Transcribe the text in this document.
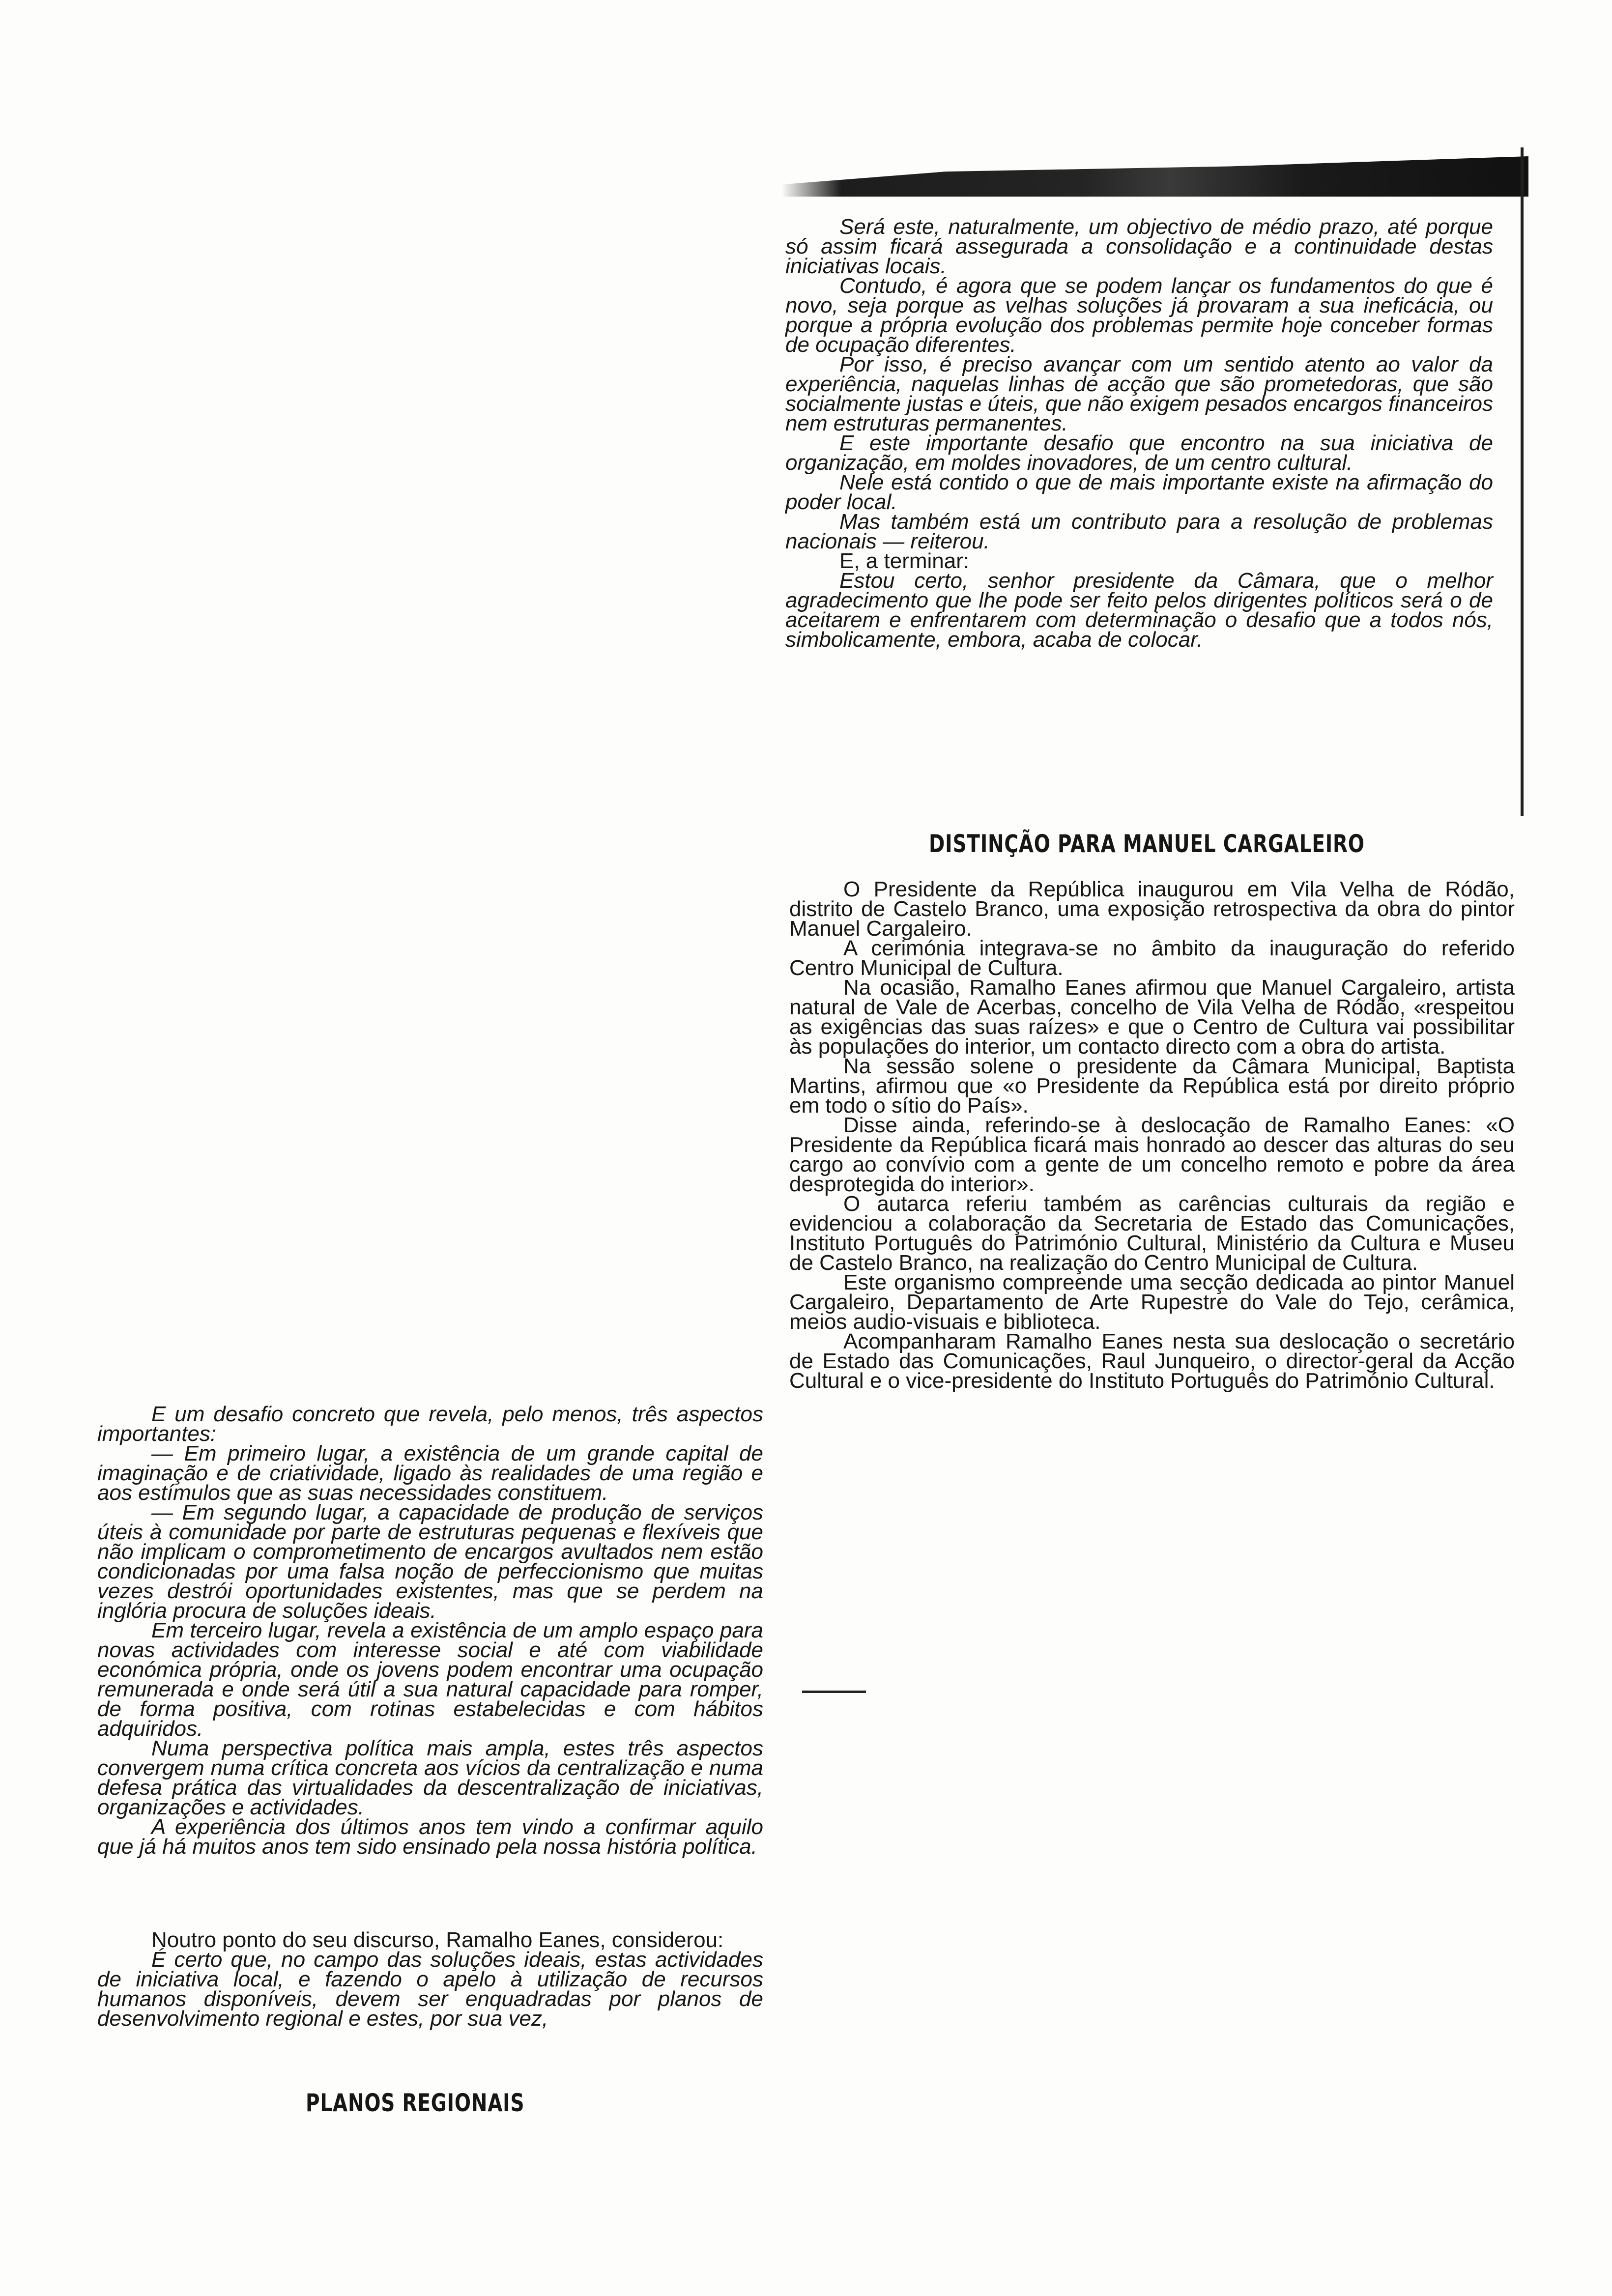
Será este, naturalmente, um objectivo de médio prazo, até porque só assim ficará assegurada a consolidação e a continuidade destas iniciativas locais.

Contudo, é agora que se podem lançar os fundamentos do que é novo, seja porque as velhas soluções já provaram a sua ineficácia, ou porque a própria evolução dos problemas permite hoje conceber formas de ocupação diferentes.

Por isso, é preciso avançar com um sentido atento ao valor da experiência, naquelas linhas de acção que são prometedoras, que são socialmente justas e úteis, que não exigem pesados encargos financeiros nem estruturas permanentes.

E este importante desafio que encontro na sua iniciativa de organização, em moldes inovadores, de um centro cultural.

Nele está contido o que de mais importante existe na afirmação do poder local.

Mas também está um contributo para a resolução de problemas nacionais — reiterou.

E, a terminar:

Estou certo, senhor presidente da Câmara, que o melhor agradecimento que lhe pode ser feito pelos dirigentes políticos será o de aceitarem e enfrentarem com determinação o desafio que a todos nós, simbolicamente, embora, acaba de colocar.

DISTINÇÃO PARA MANUEL CARGALEIRO

O Presidente da República inaugurou em Vila Velha de Ródão, distrito de Castelo Branco, uma exposição retrospectiva da obra do pintor Manuel Cargaleiro.

A cerimónia integrava-se no âmbito da inauguração do referido Centro Municipal de Cultura.

Na ocasião, Ramalho Eanes afirmou que Manuel Cargaleiro, artista natural de Vale de Acerbas, concelho de Vila Velha de Ródão, «respeitou as exigências das suas raízes» e que o Centro de Cultura vai possibilitar às populações do interior, um contacto directo com a obra do artista.

Na sessão solene o presidente da Câmara Municipal, Baptista Martins, afirmou que «o Presidente da República está por direito próprio em todo o sítio do País».

Disse ainda, referindo-se à deslocação de Ramalho Eanes: «O Presidente da República ficará mais honrado ao descer das alturas do seu cargo ao convívio com a gente de um concelho remoto e pobre da área desprotegida do interior».

O autarca referiu também as carências culturais da região e evidenciou a colaboração da Secretaria de Estado das Comunicações, Instituto Português do Património Cultural, Ministério da Cultura e Museu de Castelo Branco, na realização do Centro Municipal de Cultura.

Este organismo compreende uma secção dedicada ao pintor Manuel Cargaleiro, Departamento de Arte Rupestre do Vale do Tejo, cerâmica, meios audio-visuais e biblioteca.

Acompanharam Ramalho Eanes nesta sua deslocação o secretário de Estado das Comunicações, Raul Junqueiro, o director-geral da Acção Cultural e o vice-presidente do Instituto Português do Património Cultural.

E um desafio concreto que revela, pelo menos, três aspectos importantes:

— Em primeiro lugar, a existência de um grande capital de imaginação e de criatividade, ligado às realidades de uma região e aos estímulos que as suas necessidades constituem.

— Em segundo lugar, a capacidade de produção de serviços úteis à comunidade por parte de estruturas pequenas e flexíveis que não implicam o comprometimento de encargos avultados nem estão condicionadas por uma falsa noção de perfeccionismo que muitas vezes destrói oportunidades existentes, mas que se perdem na inglória procura de soluções ideais.

Em terceiro lugar, revela a existência de um amplo espaço para novas actividades com interesse social e até com viabilidade económica própria, onde os jovens podem encontrar uma ocupação remunerada e onde será útil a sua natural capacidade para romper, de forma positiva, com rotinas estabelecidas e com hábitos adquiridos.

Numa perspectiva política mais ampla, estes três aspectos convergem numa crítica concreta aos vícios da centralização e numa defesa prática das virtualidades da descentralização de iniciativas, organizações e actividades.

A experiência dos últimos anos tem vindo a confirmar aquilo que já há muitos anos tem sido ensinado pela nossa história política.

Noutro ponto do seu discurso, Ramalho Eanes, considerou:

É certo que, no campo das soluções ideais, estas actividades de iniciativa local, e fazendo o apelo à utilização de recursos humanos disponíveis, devem ser enquadradas por planos de desenvolvimento regional e estes, por sua vez,

PLANOS REGIONAIS
